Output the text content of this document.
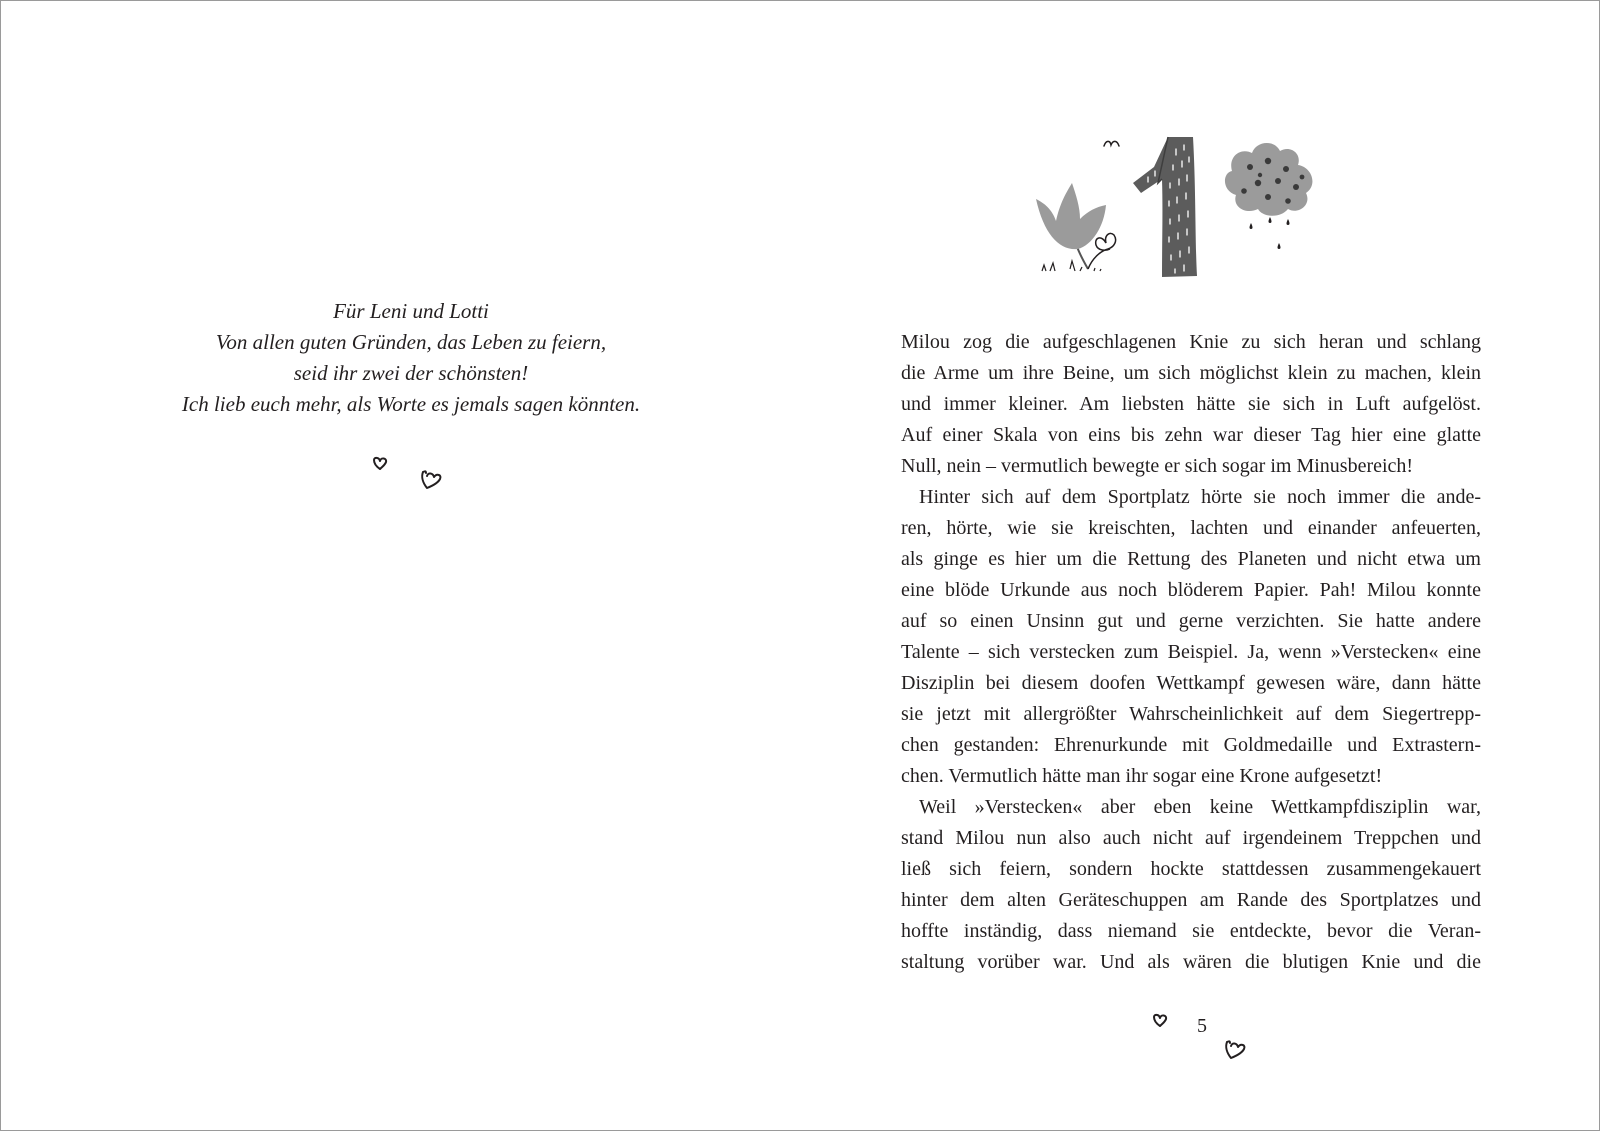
Für Leni und Lotti
Von allen guten Gründen, das Leben zu feiern,
seid ihr zwei der schönsten!
Ich lieb euch mehr, als Worte es jemals sagen könnten.
Milou zog die aufgeschlagenen Knie zu sich heran und schlang
die Arme um ihre Beine, um sich möglichst klein zu machen, klein
und immer kleiner. Am liebsten hätte sie sich in Luft aufgelöst.
Auf einer Skala von eins bis zehn war dieser Tag hier eine glatte
Null, nein – vermutlich bewegte er sich sogar im Minusbereich!
Hinter sich auf dem Sportplatz hörte sie noch immer die ande-
ren, hörte, wie sie kreischten, lachten und einander anfeuerten,
als ginge es hier um die Rettung des Planeten und nicht etwa um
eine blöde Urkunde aus noch blöderem Papier. Pah! Milou konnte
auf so einen Unsinn gut und gerne verzichten. Sie hatte andere
Talente – sich verstecken zum Beispiel. Ja, wenn »Verstecken« eine
Disziplin bei diesem doofen Wettkampf gewesen wäre, dann hätte
sie jetzt mit allergrößter Wahrscheinlichkeit auf dem Siegertrepp-
chen gestanden: Ehrenurkunde mit Goldmedaille und Extrastern-
chen. Vermutlich hätte man ihr sogar eine Krone aufgesetzt!
Weil »Verstecken« aber eben keine Wettkampfdisziplin war,
stand Milou nun also auch nicht auf irgendeinem Treppchen und
ließ sich feiern, sondern hockte stattdessen zusammengekauert
hinter dem alten Geräteschuppen am Rande des Sportplatzes und
hoffte inständig, dass niemand sie entdeckte, bevor die Veran-
staltung vorüber war. Und als wären die blutigen Knie und die
5
